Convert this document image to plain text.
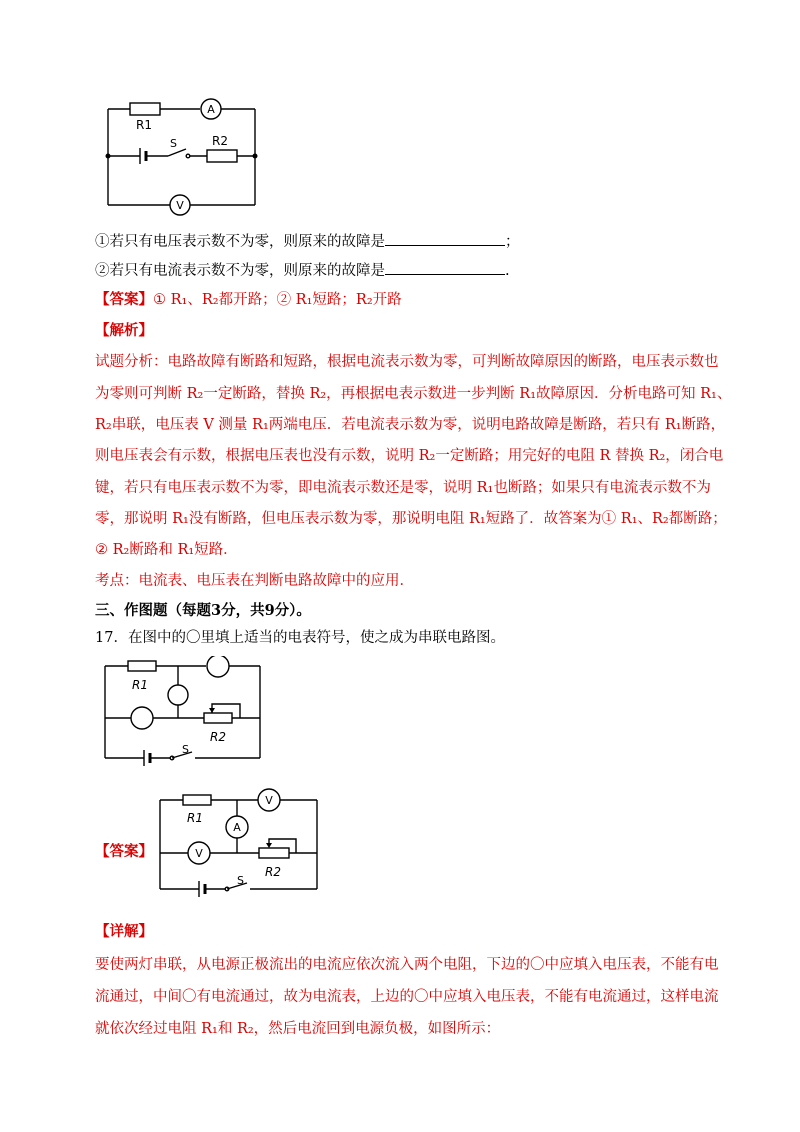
A
V
R1
R2
S
①若只有电压表示数不为零，则原来的故障是	；
②若只有电流表示数不为零，则原来的故障是	.
【答案】① R₁、R₂都开路；② R₁短路；R₂开路
【解析】
试题分析：电路故障有断路和短路，根据电流表示数为零，可判断故障原因的断路，电压表示数也
为零则可判断 R₂一定断路，替换 R₂，再根据电表示数进一步判断 R₁故障原因．分析电路可知 R₁、
R₂串联，电压表 V 测量 R₁两端电压．若电流表示数为零，说明电路故障是断路，若只有 R₁断路，
则电压表会有示数，根据电压表也没有示数，说明 R₂一定断路；用完好的电阻 R 替换 R₂，闭合电
键，若只有电压表示数不为零，即电流表示数还是零，说明 R₁也断路；如果只有电流表示数不为
零，那说明 R₁没有断路，但电压表示数为零，那说明电阻 R₁短路了．故答案为① R₁、R₂都断路；
② R₂断路和 R₁短路．
考点：电流表、电压表在判断电路故障中的应用．
三、作图题（每题3分，共9分）。
17．在图中的〇里填上适当的电表符号，使之成为串联电路图。
R1
R2
S
【答案】
V
A
V
R1
R2
S
【详解】
要使两灯串联，从电源正极流出的电流应依次流入两个电阻，下边的〇中应填入电压表，不能有电
流通过，中间〇有电流通过，故为电流表，上边的〇中应填入电压表，不能有电流通过，这样电流
就依次经过电阻 R₁和 R₂，然后电流回到电源负极，如图所示：
